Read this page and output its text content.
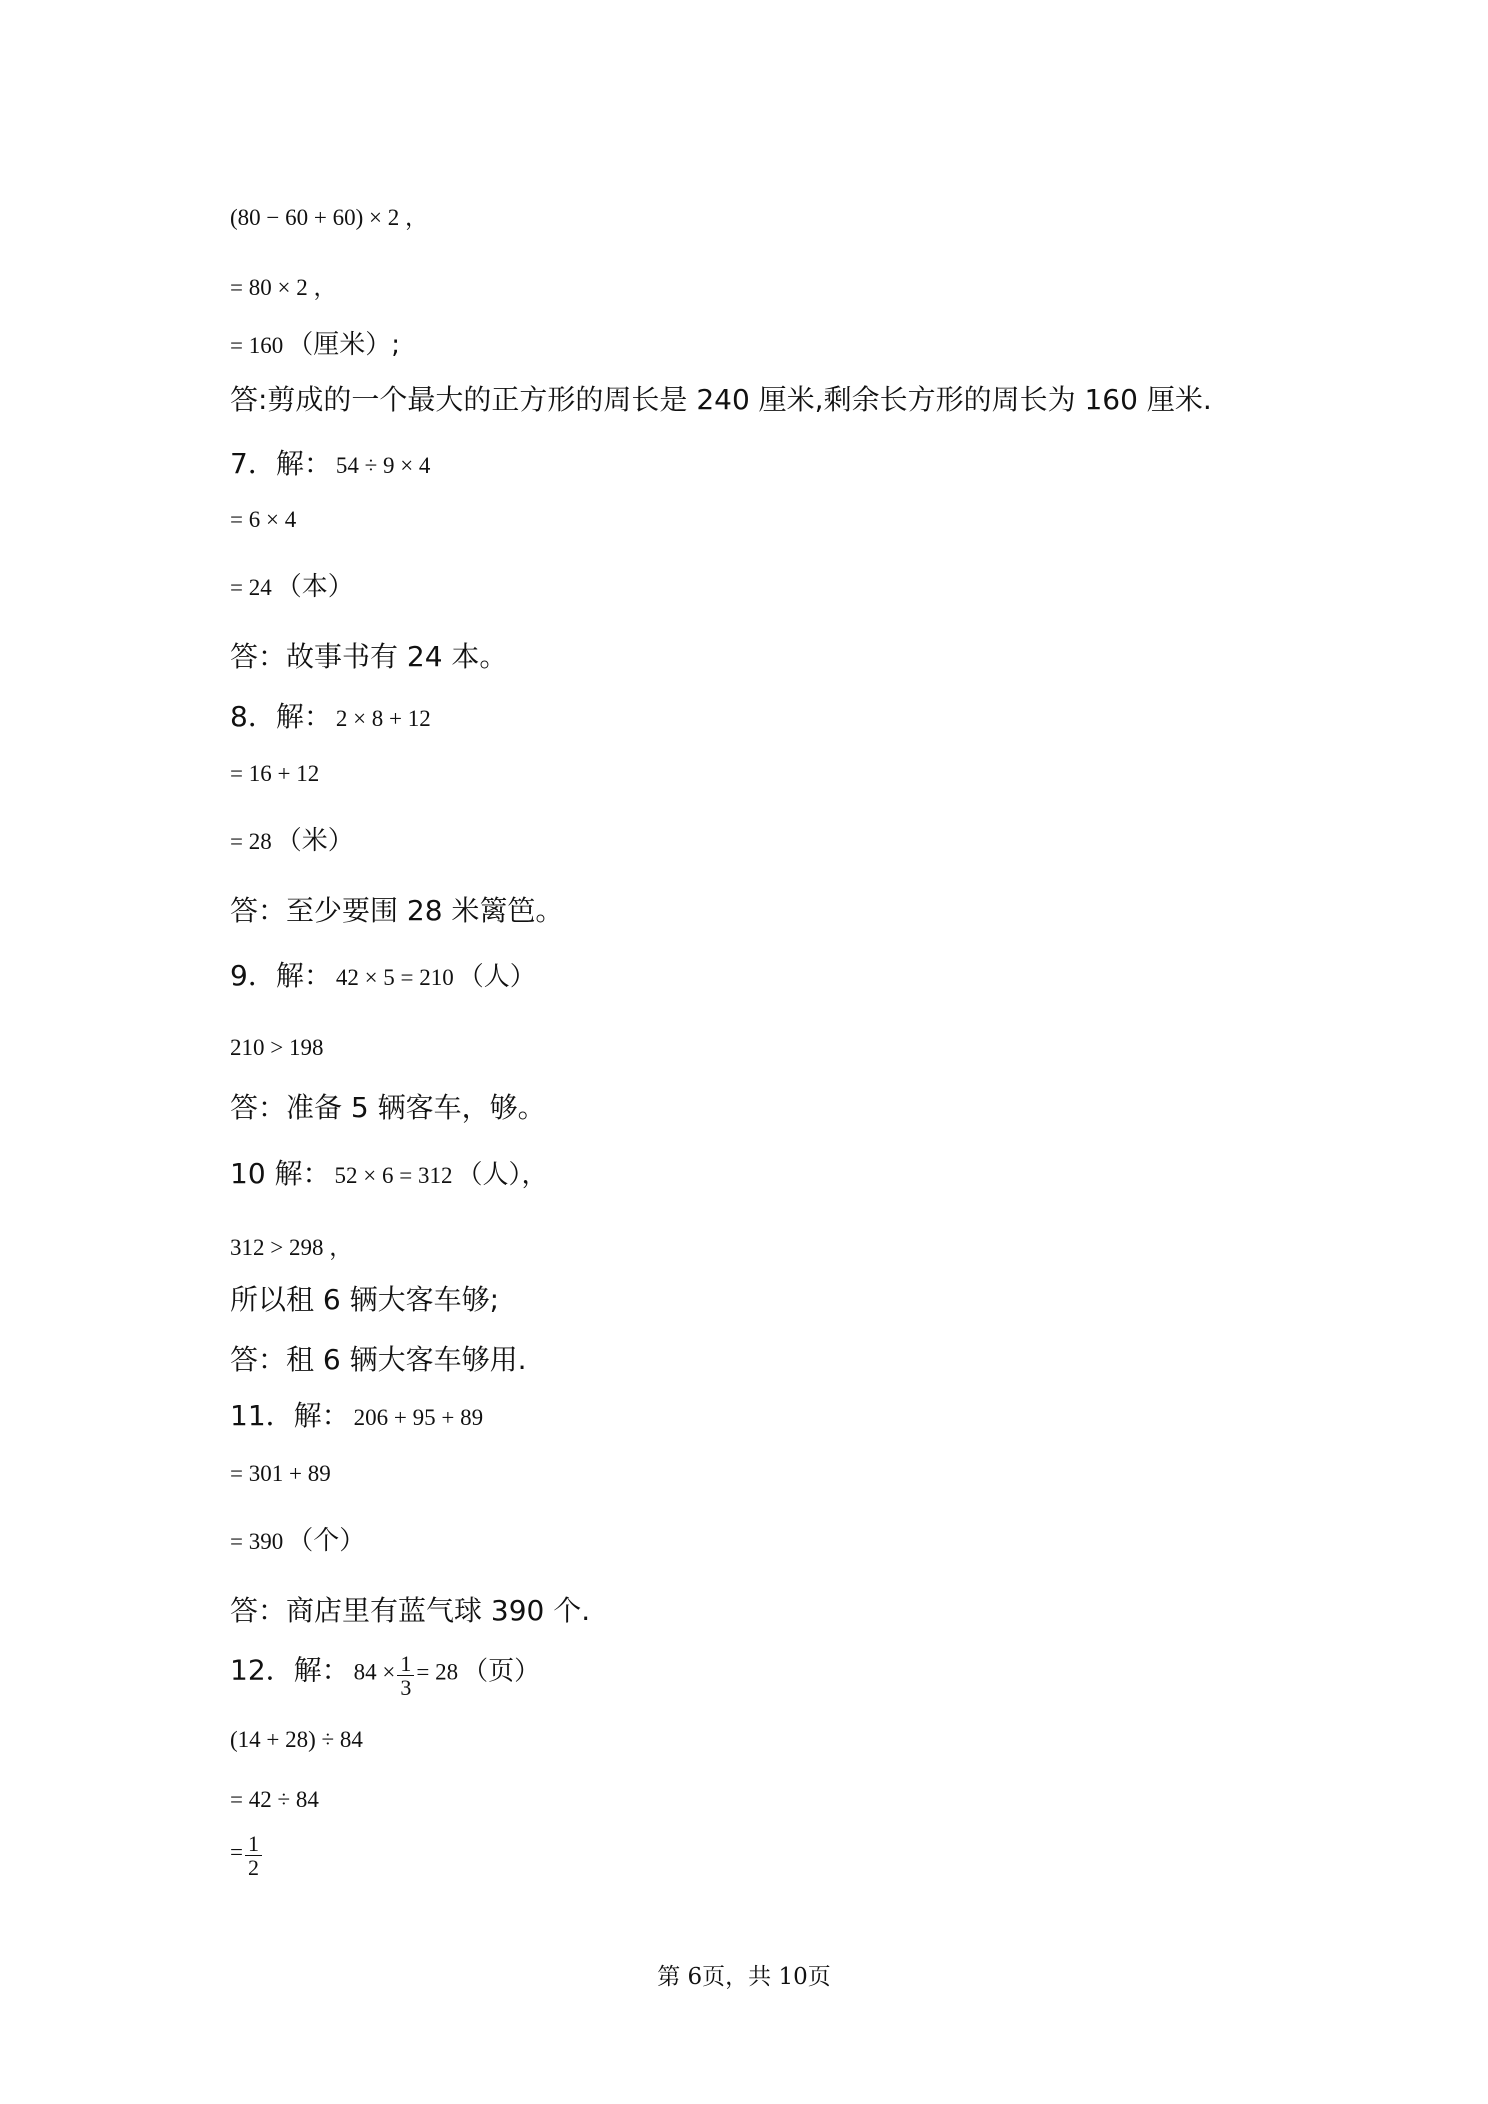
(80 − 60 + 60) × 2 ，
= 80 × 2 ，
= 160 （厘米）;
答:剪成的一个最大的正方形的周长是 240 厘米,剩余长方形的周长为 160 厘米.
7．解： 54 ÷ 9 × 4
= 6 × 4
= 24 （本）
答：故事书有 24 本。
8．解： 2 × 8 + 12
= 16 + 12
= 28 （米）
答：至少要围 28 米篱笆。
9．解： 42 × 5 = 210 （人）
210 > 198
答：准备 5 辆客车，够。
10 解： 52 × 6 = 312 （人），
312 > 298 ，
所以租 6 辆大客车够;
答：租 6 辆大客车够用.
11．解： 206 + 95 + 89
= 301 + 89
= 390 （个）
答：商店里有蓝气球 390 个.
12．解： $84 \times \frac{1}{3} = 28$ （页）
(14 + 28) ÷ 84
= 42 ÷ 84
= $\frac{1}{2}$
第 6页，共 10页
